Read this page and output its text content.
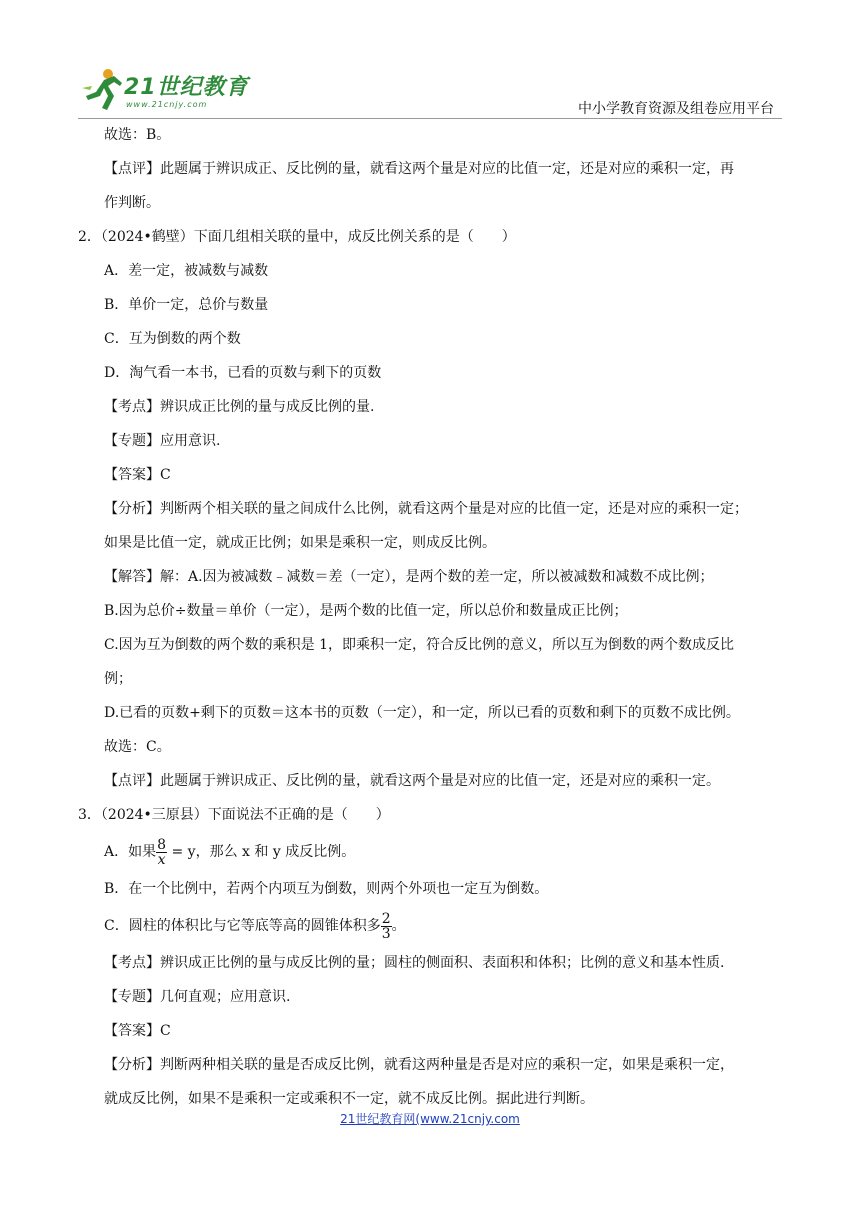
21世纪教育
www.21cnjy.com	中小学教育资源及组卷应用平台
故选：B。
【点评】此题属于辨识成正、反比例的量，就看这两个量是对应的比值一定，还是对应的乘积一定，再
作判断。
2．（2024•鹤壁）下面几组相关联的量中，成反比例关系的是（　　）
A．差一定，被减数与减数
B．单价一定，总价与数量
C．互为倒数的两个数
D．淘气看一本书，已看的页数与剩下的页数
【考点】辨识成正比例的量与成反比例的量.
【专题】应用意识.
【答案】C
【分析】判断两个相关联的量之间成什么比例，就看这两个量是对应的比值一定，还是对应的乘积一定；
如果是比值一定，就成正比例；如果是乘积一定，则成反比例。
【解答】解：A.因为被减数﹣减数＝差（一定），是两个数的差一定，所以被减数和减数不成比例；
B.因为总价÷数量＝单价（一定），是两个数的比值一定，所以总价和数量成正比例；
C.因为互为倒数的两个数的乘积是 1，即乘积一定，符合反比例的意义，所以互为倒数的两个数成反比
例；
D.已看的页数+剩下的页数＝这本书的页数（一定），和一定，所以已看的页数和剩下的页数不成比例。
故选：C。
【点评】此题属于辨识成正、反比例的量，就看这两个量是对应的比值一定，还是对应的乘积一定。
3．（2024•三原县）下面说法不正确的是（　　）
A．如果 $\frac{8}{x} = y$，那么 x 和 y 成反比例。
B．在一个比例中，若两个内项互为倒数，则两个外项也一定互为倒数。
C．圆柱的体积比与它等底等高的圆锥体积多 $\frac{2}{3}$ 。
【考点】辨识成正比例的量与成反比例的量；圆柱的侧面积、表面积和体积；比例的意义和基本性质.
【专题】几何直观；应用意识.
【答案】C
【分析】判断两种相关联的量是否成反比例，就看这两种量是否是对应的乘积一定，如果是乘积一定，
就成反比例，如果不是乘积一定或乘积不一定，就不成反比例。据此进行判断。
21世纪教育网(www.21cnjy.com
